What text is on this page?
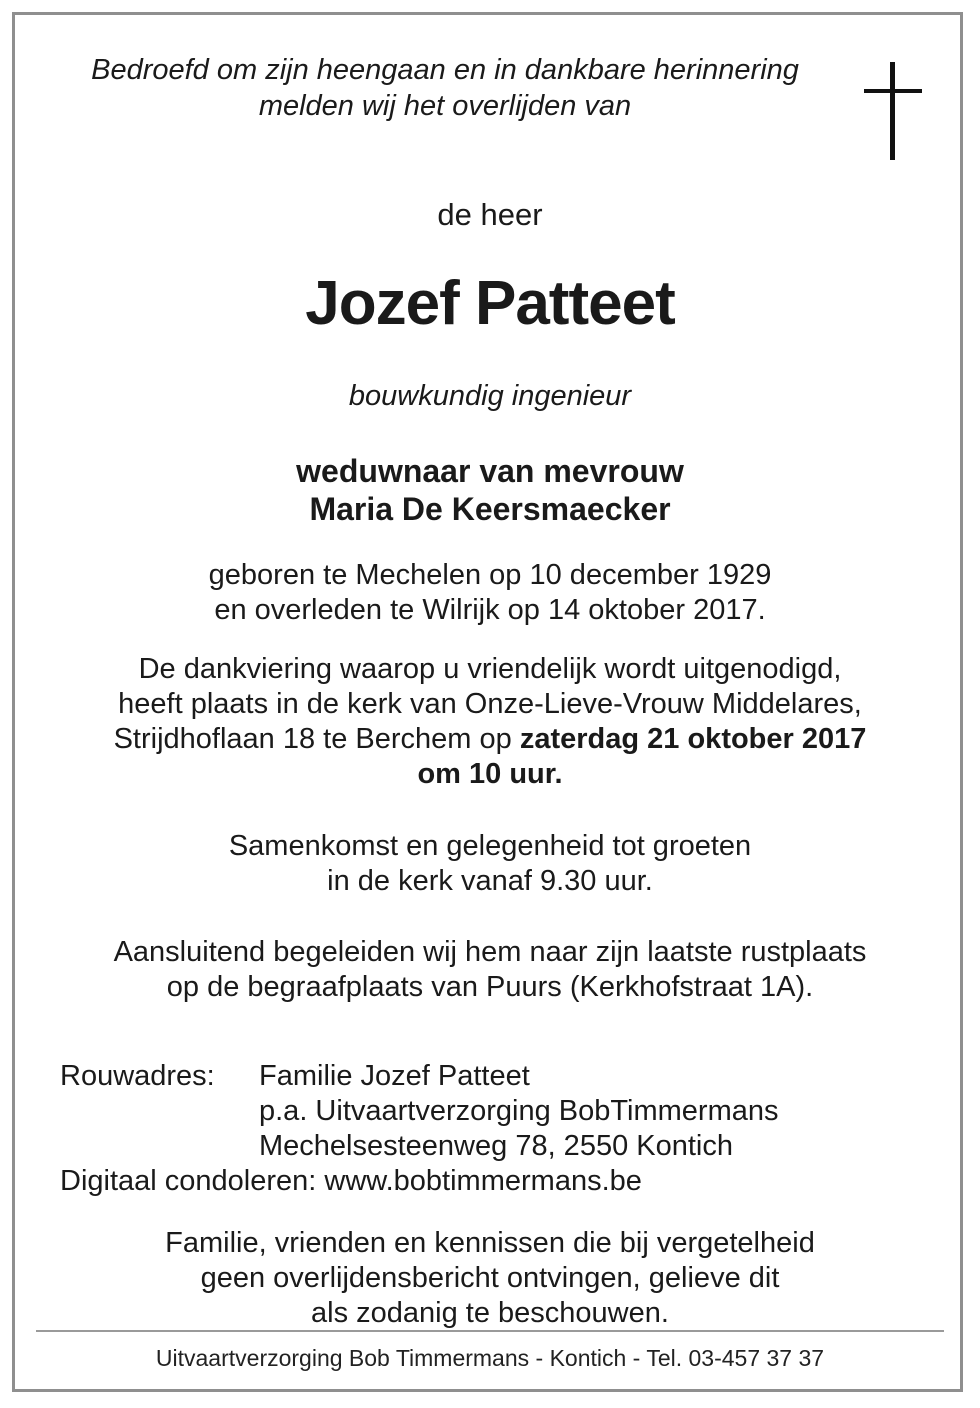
Bedroefd om zijn heengaan en in dankbare herinnering
melden wij het overlijden van

de heer

Jozef Patteet

bouwkundig ingenieur

weduwnaar van mevrouw
Maria De Keersmaecker

geboren te Mechelen op 10 december 1929
en overleden te Wilrijk op 14 oktober 2017.

De dankviering waarop u vriendelijk wordt uitgenodigd,
heeft plaats in de kerk van Onze-Lieve-Vrouw Middelares,
Strijdhoflaan 18 te Berchem op zaterdag 21 oktober 2017
om 10 uur.

Samenkomst en gelegenheid tot groeten
in de kerk vanaf 9.30 uur.

Aansluitend begeleiden wij hem naar zijn laatste rustplaats
op de begraafplaats van Puurs (Kerkhofstraat 1A).

Rouwadres:	Familie Jozef Patteet
p.a. Uitvaartverzorging BobTimmermans
Mechelsesteenweg 78, 2550 Kontich
Digitaal condoleren: www.bobtimmermans.be

Familie, vrienden en kennissen die bij vergetelheid
geen overlijdensbericht ontvingen, gelieve dit
als zodanig te beschouwen.

Uitvaartverzorging Bob Timmermans - Kontich - Tel. 03-457 37 37
